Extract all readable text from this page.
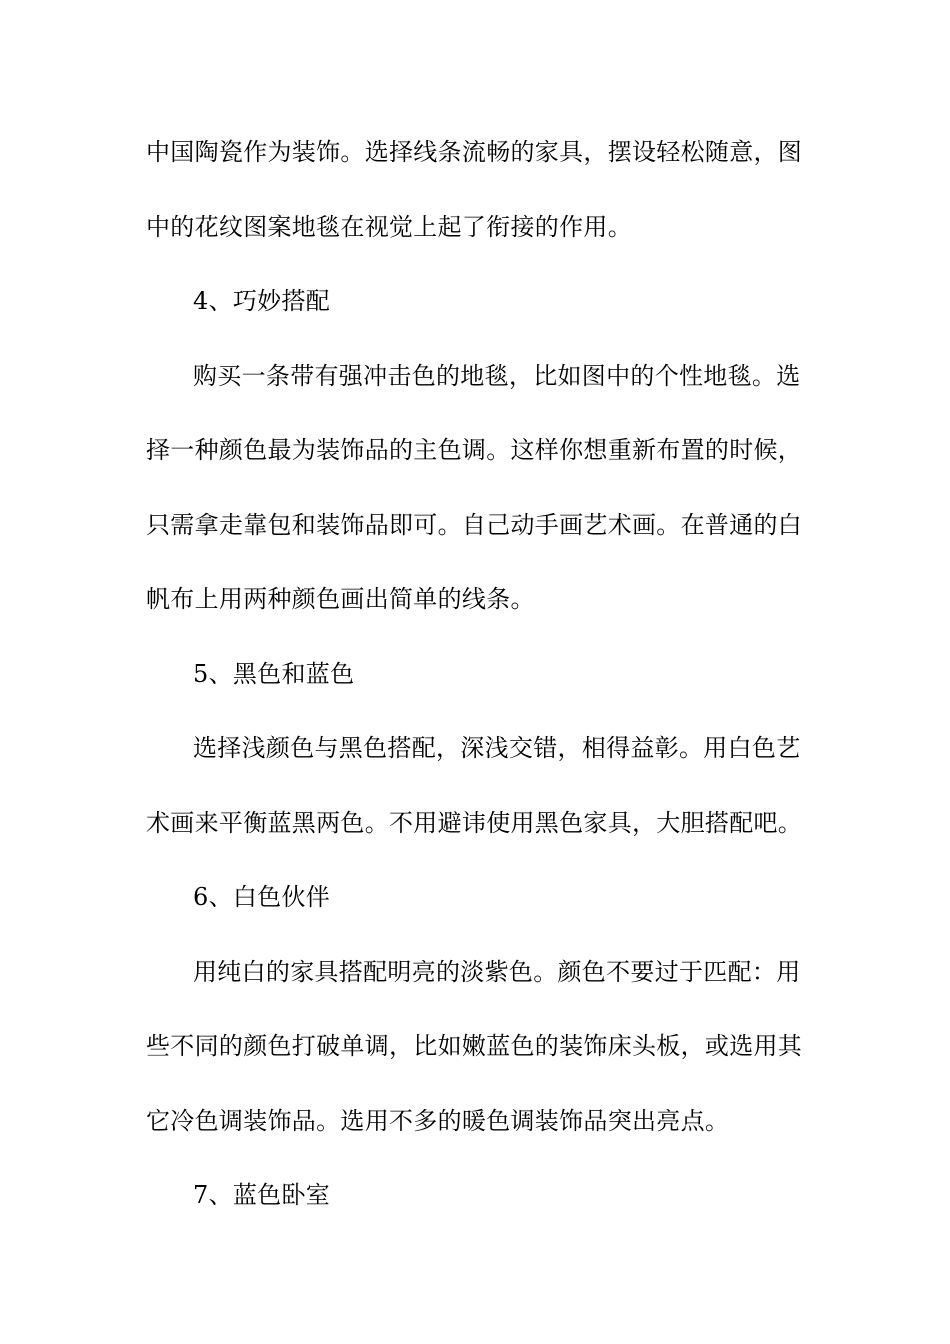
中国陶瓷作为装饰。选择线条流畅的家具，摆设轻松随意，图
中的花纹图案地毯在视觉上起了衔接的作用。
4、巧妙搭配
购买一条带有强冲击色的地毯，比如图中的个性地毯。选
择一种颜色最为装饰品的主色调。这样你想重新布置的时候，
只需拿走靠包和装饰品即可。自己动手画艺术画。在普通的白
帆布上用两种颜色画出简单的线条。
5、黑色和蓝色
选择浅颜色与黑色搭配，深浅交错，相得益彰。用白色艺
术画来平衡蓝黑两色。不用避讳使用黑色家具，大胆搭配吧。
6、白色伙伴
用纯白的家具搭配明亮的淡紫色。颜色不要过于匹配：用
些不同的颜色打破单调，比如嫩蓝色的装饰床头板，或选用其
它冷色调装饰品。选用不多的暖色调装饰品突出亮点。
7、蓝色卧室
